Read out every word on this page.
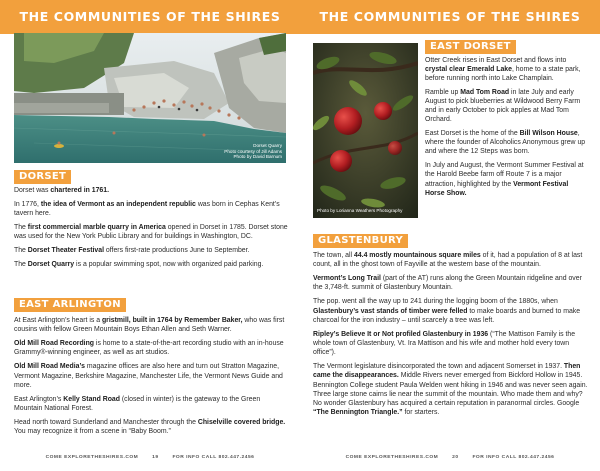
THE COMMUNITIES OF THE SHIRES	THE COMMUNITIES OF THE SHIRES
Dorset Quarry
Photo courtesy of Jill Adams
Photo by David Barnum
DORSET

Dorset was chartered in 1761.

In 1776, the idea of Vermont as an independent republic was born in Cephas Kent’s tavern here.

The first commercial marble quarry in America opened in Dorset in 1785. Dorset stone was used for the New York Public Library and for buildings in Washington, DC.

The Dorset Theater Festival offers first-rate productions June to September.

The Dorset Quarry is a popular swimming spot, now with organized paid parking.

EAST ARLINGTON

At East Arlington’s heart is a gristmill, built in 1764 by Remember Baker, who was first cousins with fellow Green Mountain Boys Ethan Allen and Seth Warner.

Old Mill Road Recording is home to a state-of-the-art recording studio with an in-house Grammy®-winning engineer, as well as art studios.

Old Mill Road Media’s magazine offices are also here and turn out Stratton Magazine, Vermont Magazine, Berkshire Magazine, Manchester Life, the Vermont News Guide and more.

East Arlington’s Kelly Stand Road (closed in winter) is the gateway to the Green Mountain National Forest.

Head north toward Sunderland and Manchester through the Chiselville covered bridge. You may recognize it from a scene in “Baby Boom.”

Photo by Lorianna Weathers Photography
EAST DORSET

Otter Creek rises in East Dorset and flows into crystal clear Emerald Lake, home to a state park, before running north into Lake Champlain.

Ramble up Mad Tom Road in late July and early August to pick blueberries at Wildwood Berry Farm and in early October to pick apples at Mad Tom Orchard.

East Dorset is the home of the Bill Wilson House, where the founder of Alcoholics Anonymous grew up and where the 12 Steps was born.

In July and August, the Vermont Summer Festival at the Harold Beebe farm off Route 7 is a major attraction, highlighted by the Vermont Festival Horse Show.

GLASTENBURY

The town, all 44.4 mostly mountainous square miles of it, had a population of 8 at last count, all in the ghost town of Fayville at the western base of the mountain.

Vermont’s Long Trail (part of the AT) runs along the Green Mountain ridgeline and over the 3,748-ft. summit of Glastenbury Mountain.

The pop. went all the way up to 241 during the logging boom of the 1880s, when Glastenbury’s vast stands of timber were felled to make boards and burned to make charcoal for the iron industry – until scarcely a tree was left.

Ripley’s Believe It or Not profiled Glastenbury in 1936 (“The Mattison Family is the whole town of Glastenbury, Vt. Ira Mattison and his wife and mother hold every town office”).

The Vermont legislature disincorporated the town and adjacent Somerset in 1937. Then came the disappearances. Middle Rivers never emerged from Bickford Hollow in 1945. Bennington College student Paula Welden went hiking in 1946 and was never seen again. Three large stone cairns lie near the summit of the mountain. Who made them and why? No wonder Glastenbury has acquired a certain reputation in paranormal circles. Google “The Bennington Triangle.” for starters.

COME EXPLORETHESHIRES.COM	19	FOR INFO CALL 802.447.2456	COME EXPLORETHESHIRES.COM	20	FOR INFO CALL 802.447.2456
